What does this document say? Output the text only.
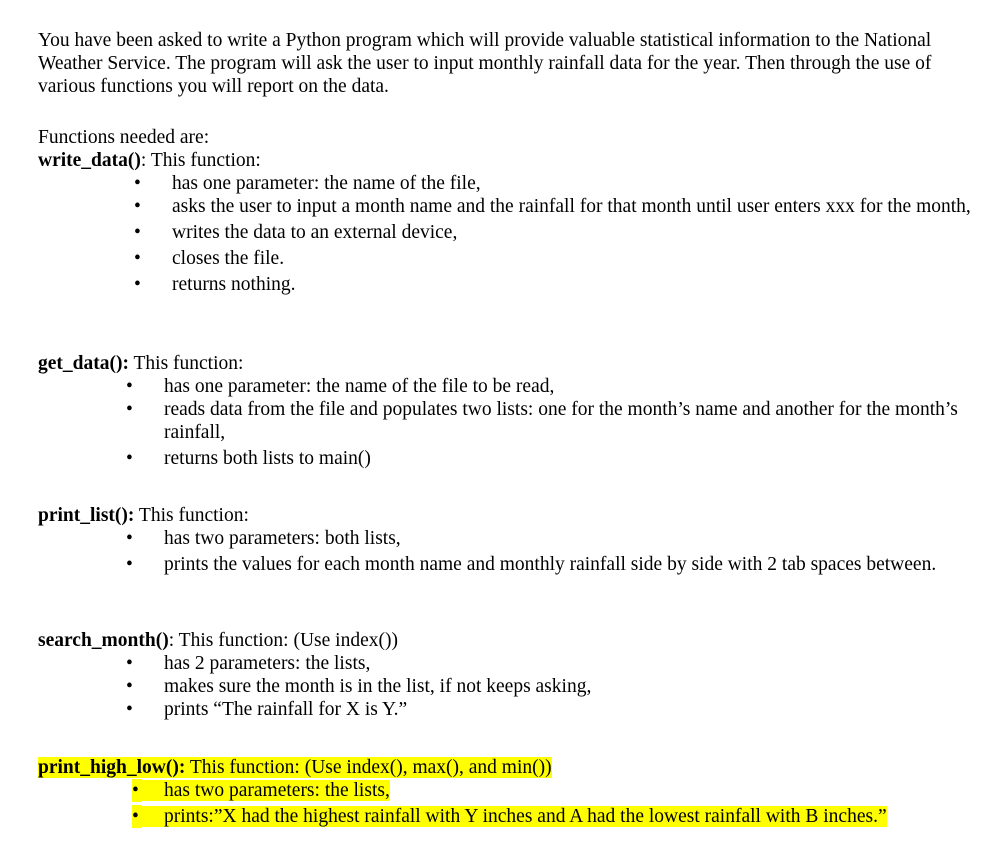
You have been asked to write a Python program which will provide valuable statistical information to the National Weather Service. The program will ask the user to input monthly rainfall data for the year. Then through the use of various functions you will report on the data.

Functions needed are:

write_data(): This function:

• has one parameter: the name of the file,
• asks the user to input a month name and the rainfall for that month until user enters xxx for the month,
• writes the data to an external device,
• closes the file.
• returns nothing.

get_data(): This function:

• has one parameter: the name of the file to be read,
• reads data from the file and populates two lists: one for the month’s name and another for the month’s rainfall,
• returns both lists to main()

print_list(): This function:

• has two parameters: both lists,
• prints the values for each month name and monthly rainfall side by side with 2 tab spaces between.

search_month(): This function: (Use index())

• has 2 parameters: the lists,
• makes sure the month is in the list, if not keeps asking,
• prints “The rainfall for X is Y.”

print_high_low(): This function: (Use index(), max(), and min())

• has two parameters: the lists,
• prints:”X had the highest rainfall with Y inches and A had the lowest rainfall with B inches.”
